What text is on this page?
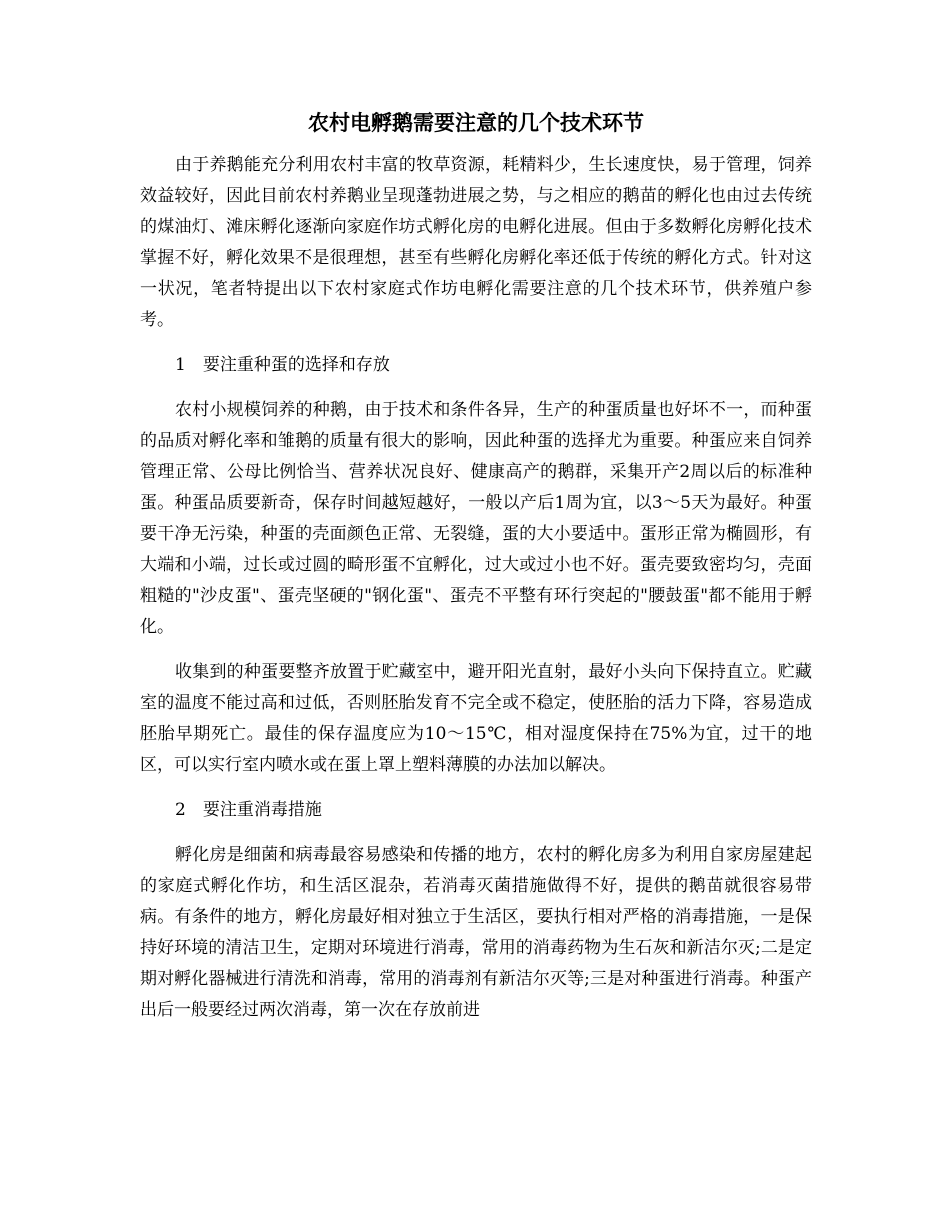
农村电孵鹅需要注意的几个技术环节

由于养鹅能充分利用农村丰富的牧草资源，耗精料少，生长速度快，易于管理，饲养效益较好，因此目前农村养鹅业呈现蓬勃进展之势，与之相应的鹅苗的孵化也由过去传统的煤油灯、滩床孵化逐渐向家庭作坊式孵化房的电孵化进展。但由于多数孵化房孵化技术掌握不好，孵化效果不是很理想，甚至有些孵化房孵化率还低于传统的孵化方式。针对这一状况，笔者特提出以下农村家庭式作坊电孵化需要注意的几个技术环节，供养殖户参考。

1　要注重种蛋的选择和存放

农村小规模饲养的种鹅，由于技术和条件各异，生产的种蛋质量也好坏不一，而种蛋的品质对孵化率和雏鹅的质量有很大的影响，因此种蛋的选择尤为重要。种蛋应来自饲养管理正常、公母比例恰当、营养状况良好、健康高产的鹅群，采集开产2周以后的标准种蛋。种蛋品质要新奇，保存时间越短越好，一般以产后1周为宜，以3～5天为最好。种蛋要干净无污染，种蛋的壳面颜色正常、无裂缝，蛋的大小要适中。蛋形正常为椭圆形，有大端和小端，过长或过圆的畸形蛋不宜孵化，过大或过小也不好。蛋壳要致密均匀，壳面粗糙的"沙皮蛋"、蛋壳坚硬的"钢化蛋"、蛋壳不平整有环行突起的"腰鼓蛋"都不能用于孵化。

收集到的种蛋要整齐放置于贮藏室中，避开阳光直射，最好小头向下保持直立。贮藏室的温度不能过高和过低，否则胚胎发育不完全或不稳定，使胚胎的活力下降，容易造成胚胎早期死亡。最佳的保存温度应为10～15℃，相对湿度保持在75%为宜，过干的地区，可以实行室内喷水或在蛋上罩上塑料薄膜的办法加以解决。

2　要注重消毒措施

孵化房是细菌和病毒最容易感染和传播的地方，农村的孵化房多为利用自家房屋建起的家庭式孵化作坊，和生活区混杂，若消毒灭菌措施做得不好，提供的鹅苗就很容易带病。有条件的地方，孵化房最好相对独立于生活区，要执行相对严格的消毒措施，一是保持好环境的清洁卫生，定期对环境进行消毒，常用的消毒药物为生石灰和新洁尔灭;二是定期对孵化器械进行清洗和消毒，常用的消毒剂有新洁尔灭等;三是对种蛋进行消毒。种蛋产出后一般要经过两次消毒，第一次在存放前进
